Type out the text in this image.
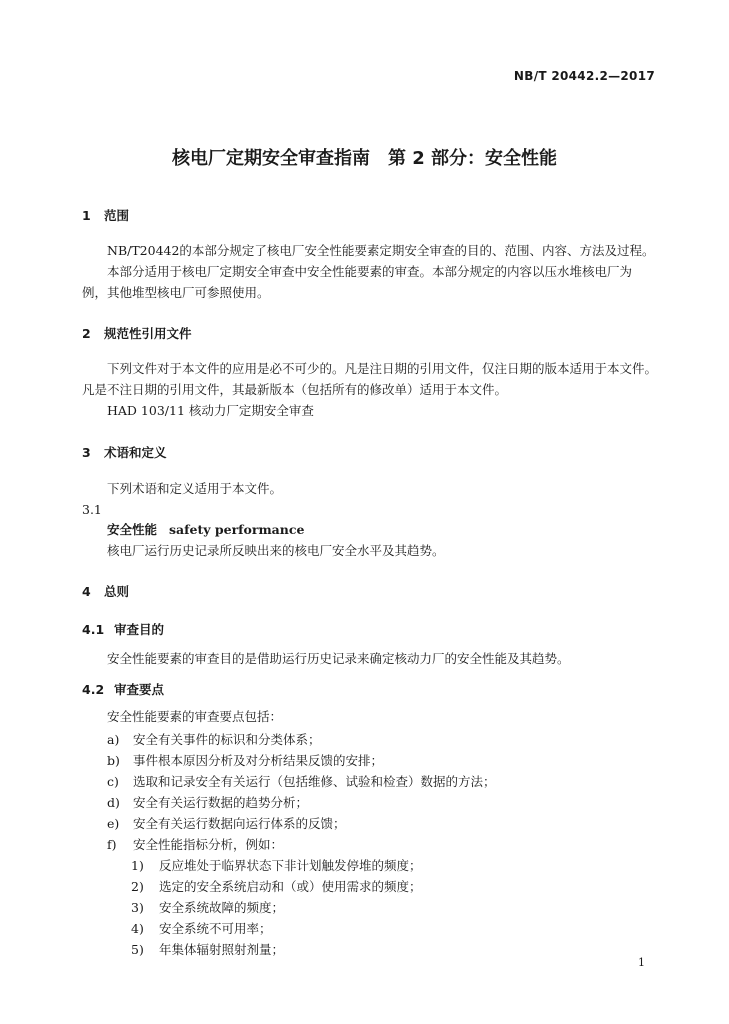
NB/T 20442.2—2017
核电厂定期安全审查指南　第 2 部分：安全性能
1 范围
NB/T20442的本部分规定了核电厂安全性能要素定期安全审查的目的、范围、内容、方法及过程。
本部分适用于核电厂定期安全审查中安全性能要素的审查。本部分规定的内容以压水堆核电厂为
例，其他堆型核电厂可参照使用。
2 规范性引用文件
下列文件对于本文件的应用是必不可少的。凡是注日期的引用文件，仅注日期的版本适用于本文件。
凡是不注日期的引用文件，其最新版本（包括所有的修改单）适用于本文件。
HAD 103/11 核动力厂定期安全审查
3 术语和定义
下列术语和定义适用于本文件。
3.1
安全性能 safety performance
核电厂运行历史记录所反映出来的核电厂安全水平及其趋势。
4 总则
4.1 审查目的
安全性能要素的审查目的是借助运行历史记录来确定核动力厂的安全性能及其趋势。
4.2 审查要点
安全性能要素的审查要点包括：
a) 安全有关事件的标识和分类体系；
b) 事件根本原因分析及对分析结果反馈的安排；
c) 选取和记录安全有关运行（包括维修、试验和检查）数据的方法；
d) 安全有关运行数据的趋势分析；
e) 安全有关运行数据向运行体系的反馈；
f) 安全性能指标分析，例如：
1) 反应堆处于临界状态下非计划触发停堆的频度；
2) 选定的安全系统启动和（或）使用需求的频度；
3) 安全系统故障的频度；
4) 安全系统不可用率；
5) 年集体辐射照射剂量；
1
